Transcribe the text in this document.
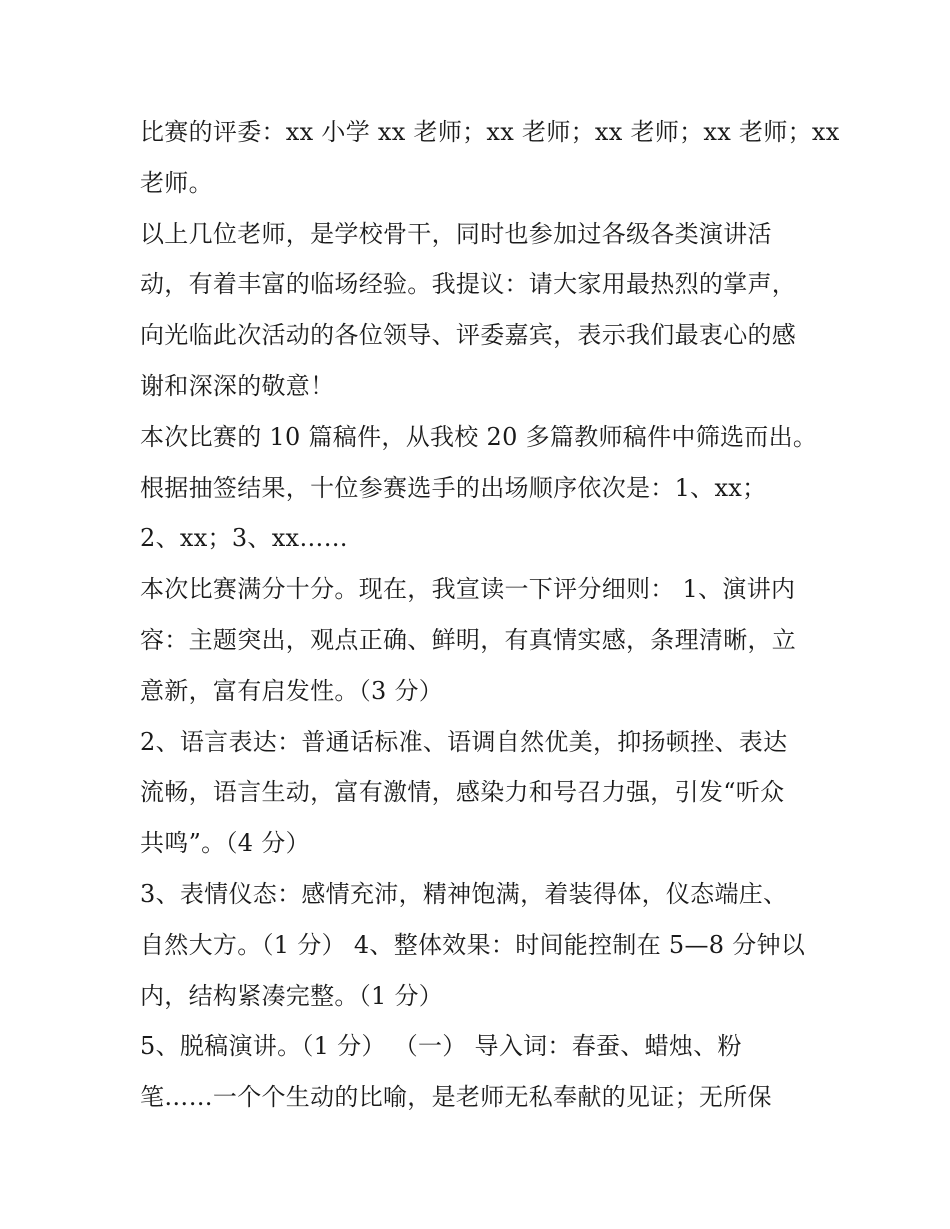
比赛的评委：xx 小学 xx 老师；xx 老师；xx 老师；xx 老师；xx
老师。
以上几位老师，是学校骨干，同时也参加过各级各类演讲活
动，有着丰富的临场经验。我提议：请大家用最热烈的掌声，
向光临此次活动的各位领导、评委嘉宾，表示我们最衷心的感
谢和深深的敬意！
本次比赛的 10 篇稿件，从我校 20 多篇教师稿件中筛选而出。
根据抽签结果，十位参赛选手的出场顺序依次是：1、xx；
2、xx；3、xx……
本次比赛满分十分。现在，我宣读一下评分细则： 1、演讲内
容：主题突出，观点正确、鲜明，有真情实感，条理清晰，立
意新，富有启发性。（3 分）
2、语言表达：普通话标准、语调自然优美，抑扬顿挫、表达
流畅，语言生动，富有激情，感染力和号召力强，引发“听众
共鸣”。（4 分）
3、表情仪态：感情充沛，精神饱满，着装得体，仪态端庄、
自然大方。（1 分） 4、整体效果：时间能控制在 5—8 分钟以
内，结构紧凑完整。（1 分）
5、脱稿演讲。（1 分） （一） 导入词：春蚕、蜡烛、粉
笔……一个个生动的比喻，是老师无私奉献的见证；无所保
